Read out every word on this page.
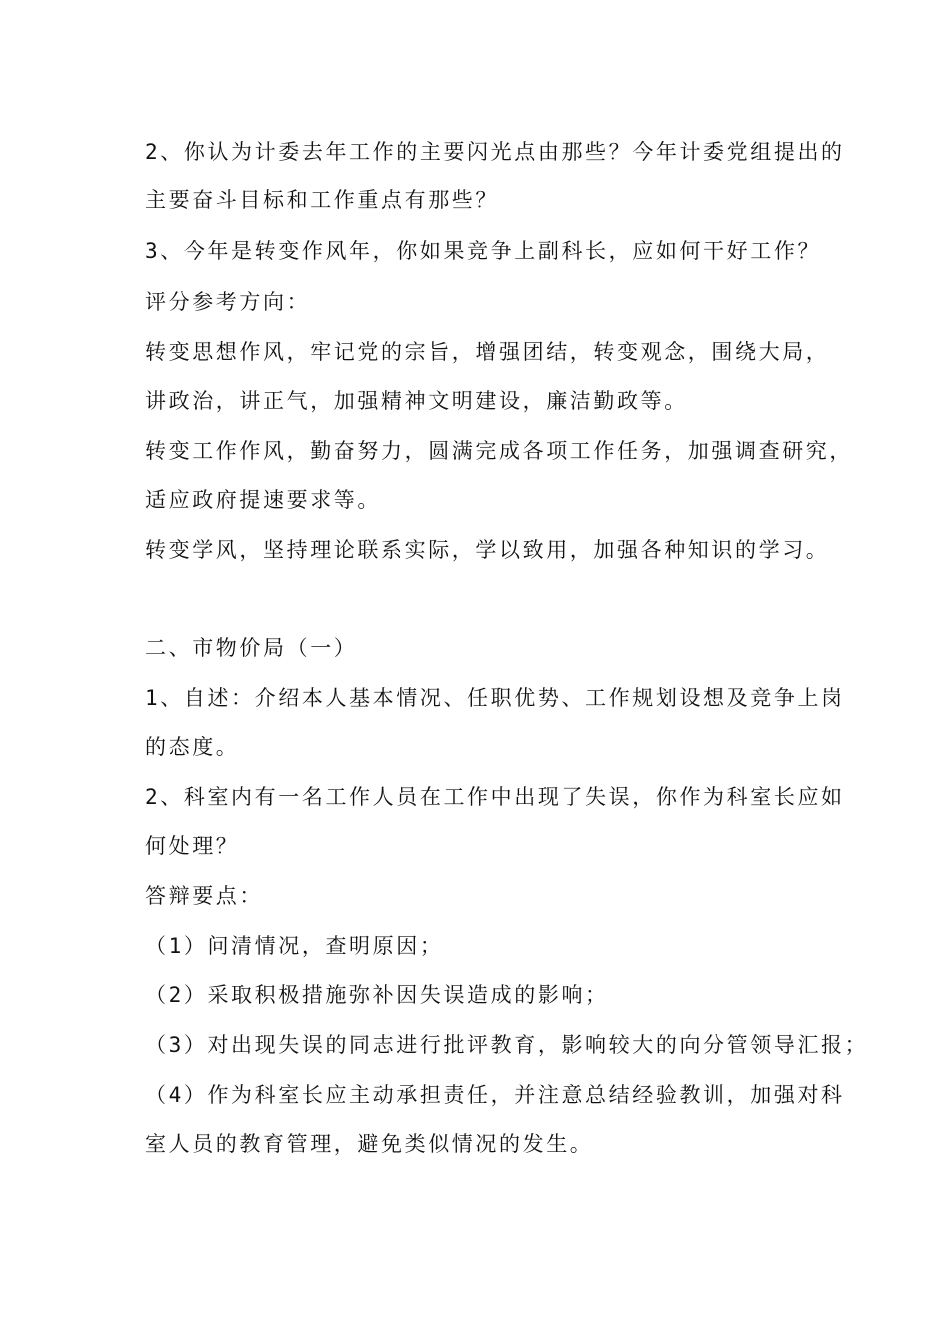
2、你认为计委去年工作的主要闪光点由那些？今年计委党组提出的
主要奋斗目标和工作重点有那些？
3、今年是转变作风年，你如果竞争上副科长，应如何干好工作？
评分参考方向：
转变思想作风，牢记党的宗旨，增强团结，转变观念，围绕大局，
讲政治，讲正气，加强精神文明建设，廉洁勤政等。
转变工作作风，勤奋努力，圆满完成各项工作任务，加强调查研究，
适应政府提速要求等。
转变学风，坚持理论联系实际，学以致用，加强各种知识的学习。
二、市物价局（一）
1、自述：介绍本人基本情况、任职优势、工作规划设想及竞争上岗
的态度。
2、科室内有一名工作人员在工作中出现了失误，你作为科室长应如
何处理？
答辩要点：
（1）问清情况，查明原因；
（2）采取积极措施弥补因失误造成的影响；
（3）对出现失误的同志进行批评教育，影响较大的向分管领导汇报；
（4）作为科室长应主动承担责任，并注意总结经验教训，加强对科
室人员的教育管理，避免类似情况的发生。
